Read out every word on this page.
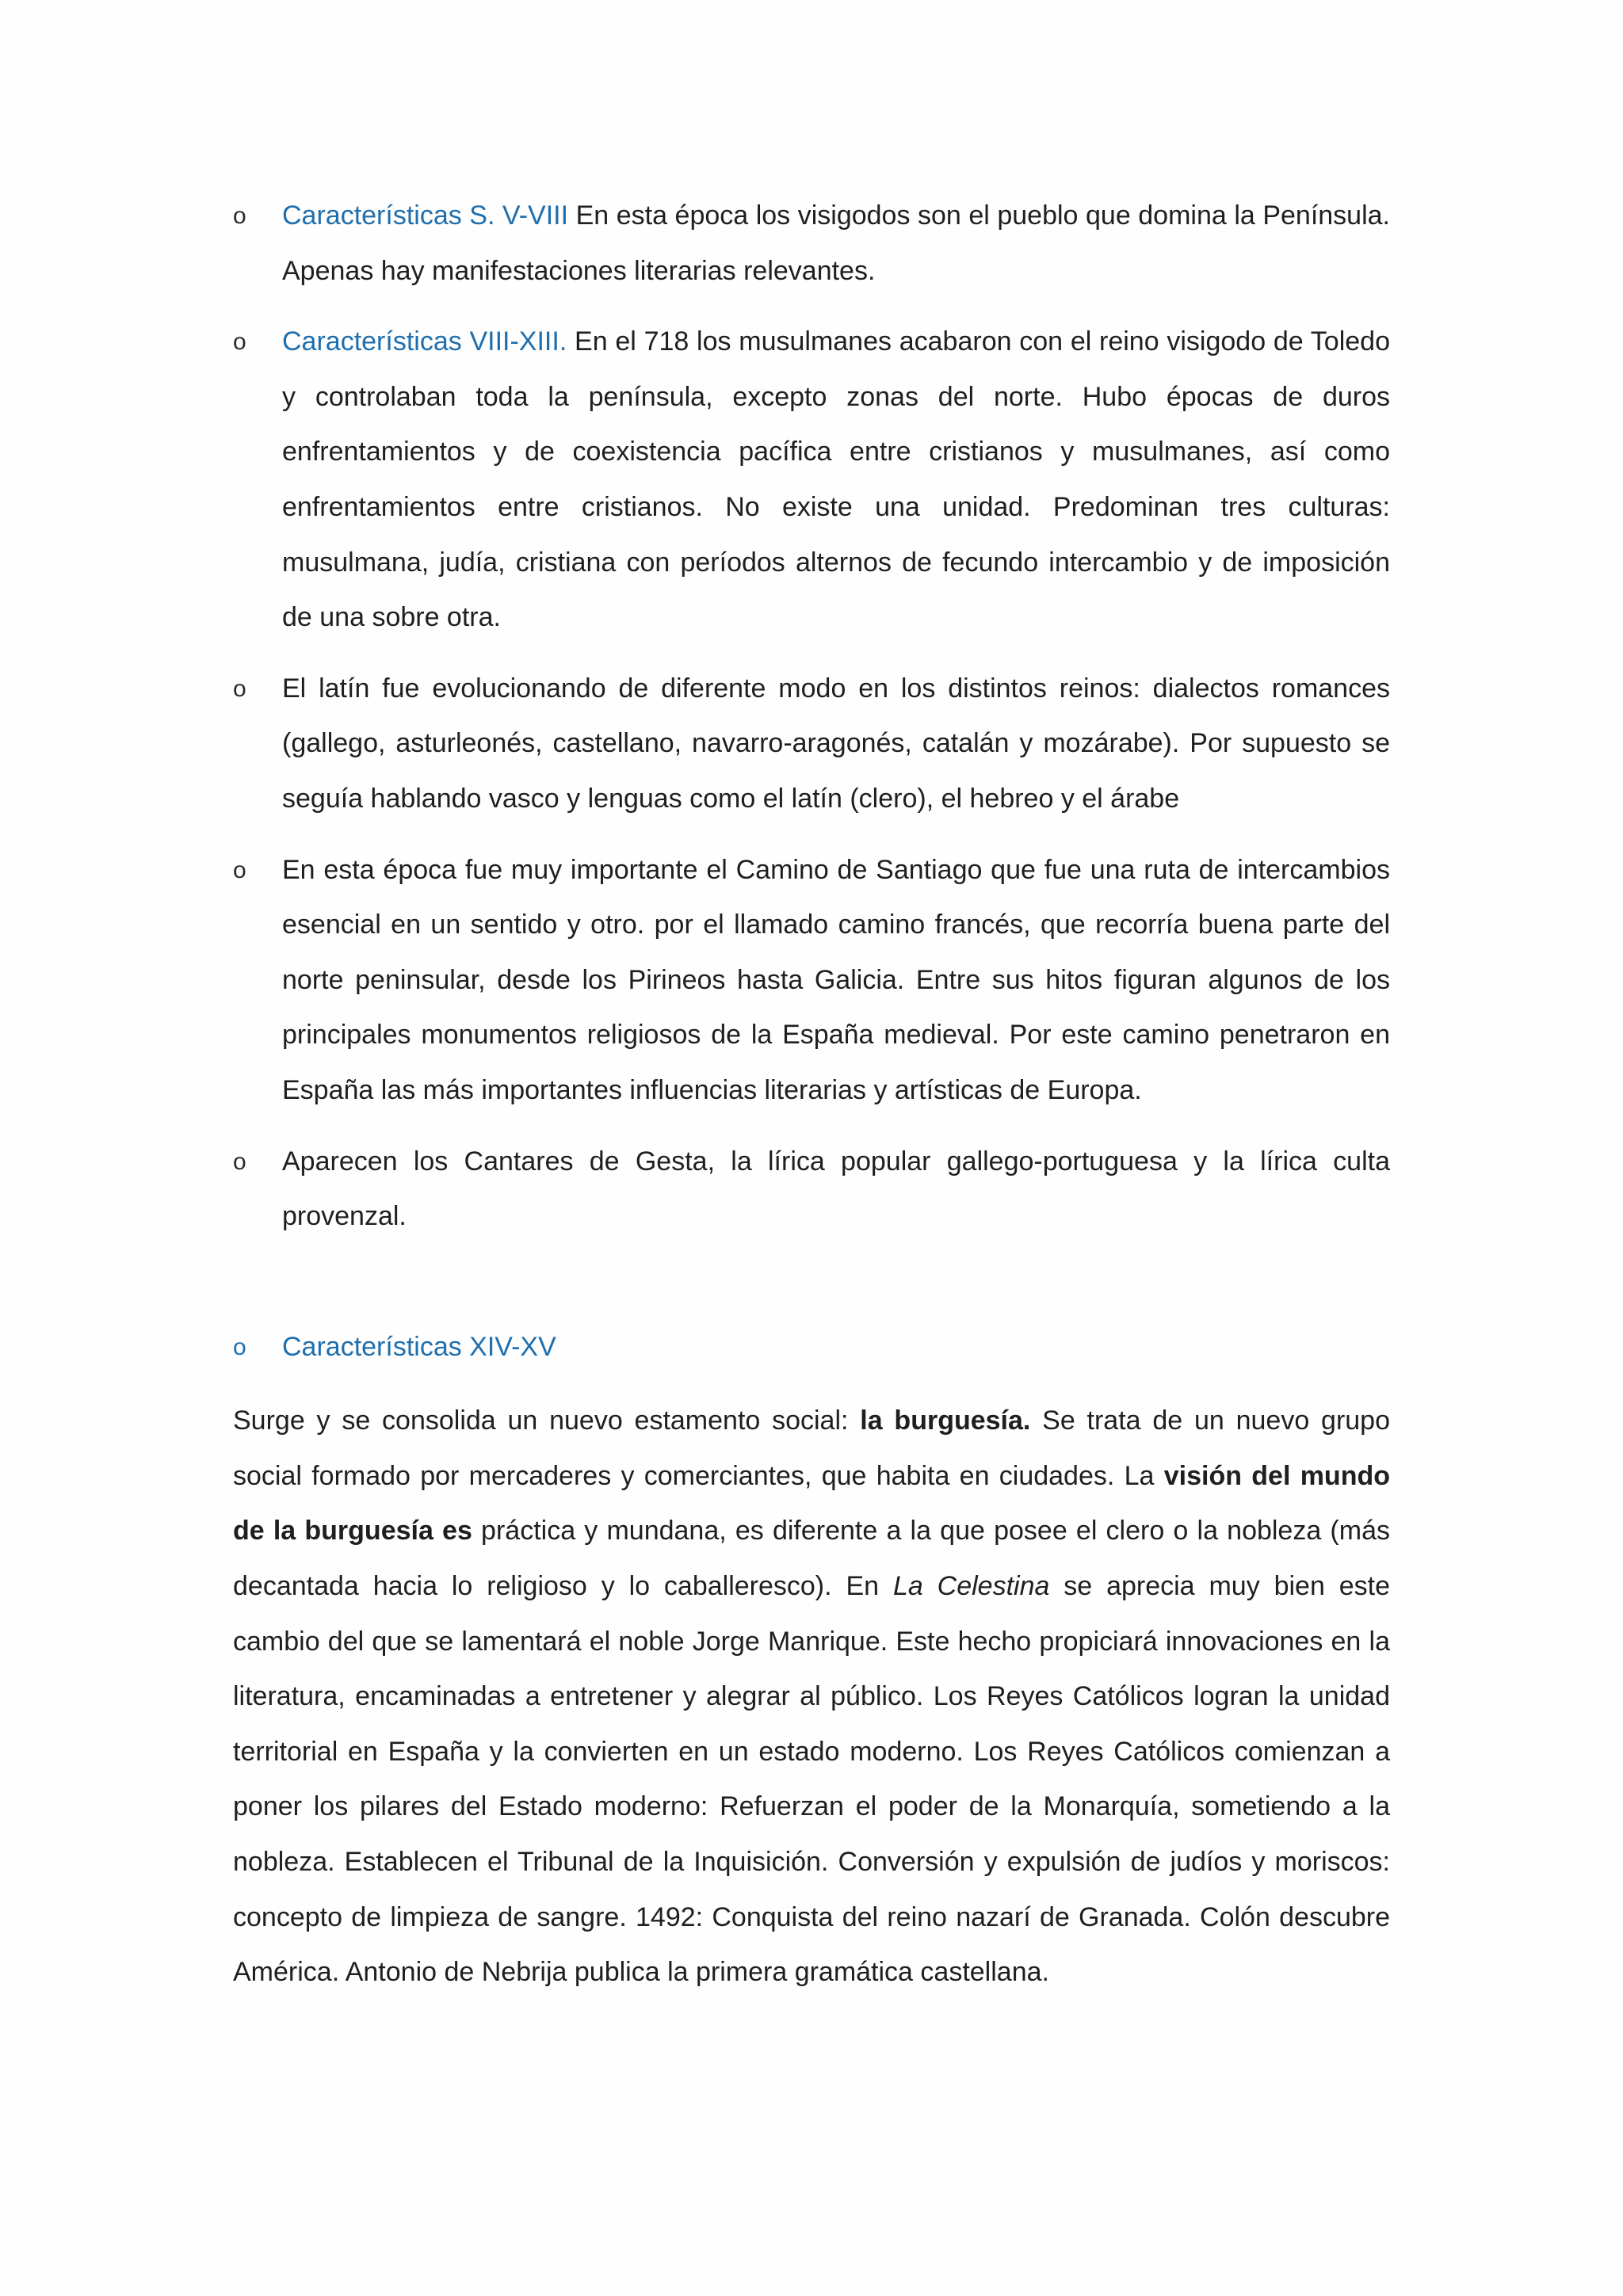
o Características S. V-VIII En esta época los visigodos son el pueblo que domina la Península. Apenas hay manifestaciones literarias relevantes.
o Características VIII-XIII. En el 718 los musulmanes acabaron con el reino visigodo de Toledo y controlaban toda la península, excepto zonas del norte. Hubo épocas de duros enfrentamientos y de coexistencia pacífica entre cristianos y musulmanes, así como enfrentamientos entre cristianos. No existe una unidad. Predominan tres culturas: musulmana, judía, cristiana con períodos alternos de fecundo intercambio y de imposición de una sobre otra.
o El latín fue evolucionando de diferente modo en los distintos reinos: dialectos romances (gallego, asturleonés, castellano, navarro-aragonés, catalán y mozárabe). Por supuesto se seguía hablando vasco y lenguas como el latín (clero), el hebreo y el árabe
o En esta época fue muy importante el Camino de Santiago que fue una ruta de intercambios esencial en un sentido y otro. por el llamado camino francés, que recorría buena parte del norte peninsular, desde los Pirineos hasta Galicia. Entre sus hitos figuran algunos de los principales monumentos religiosos de la España medieval. Por este camino penetraron en España las más importantes influencias literarias y artísticas de Europa.
o Aparecen los Cantares de Gesta, la lírica popular gallego-portuguesa y la lírica culta provenzal.
o Características XIV-XV

Surge y se consolida un nuevo estamento social: la burguesía. Se trata de un nuevo grupo social formado por mercaderes y comerciantes, que habita en ciudades. La visión del mundo de la burguesía es práctica y mundana, es diferente a la que posee el clero o la nobleza (más decantada hacia lo religioso y lo caballeresco). En La Celestina se aprecia muy bien este cambio del que se lamentará el noble Jorge Manrique. Este hecho propiciará innovaciones en la literatura, encaminadas a entretener y alegrar al público. Los Reyes Católicos logran la unidad territorial en España y la convierten en un estado moderno. Los Reyes Católicos comienzan a poner los pilares del Estado moderno: Refuerzan el poder de la Monarquía, sometiendo a la nobleza. Establecen el Tribunal de la Inquisición. Conversión y expulsión de judíos y moriscos: concepto de limpieza de sangre. 1492: Conquista del reino nazarí de Granada. Colón descubre América. Antonio de Nebrija publica la primera gramática castellana.
